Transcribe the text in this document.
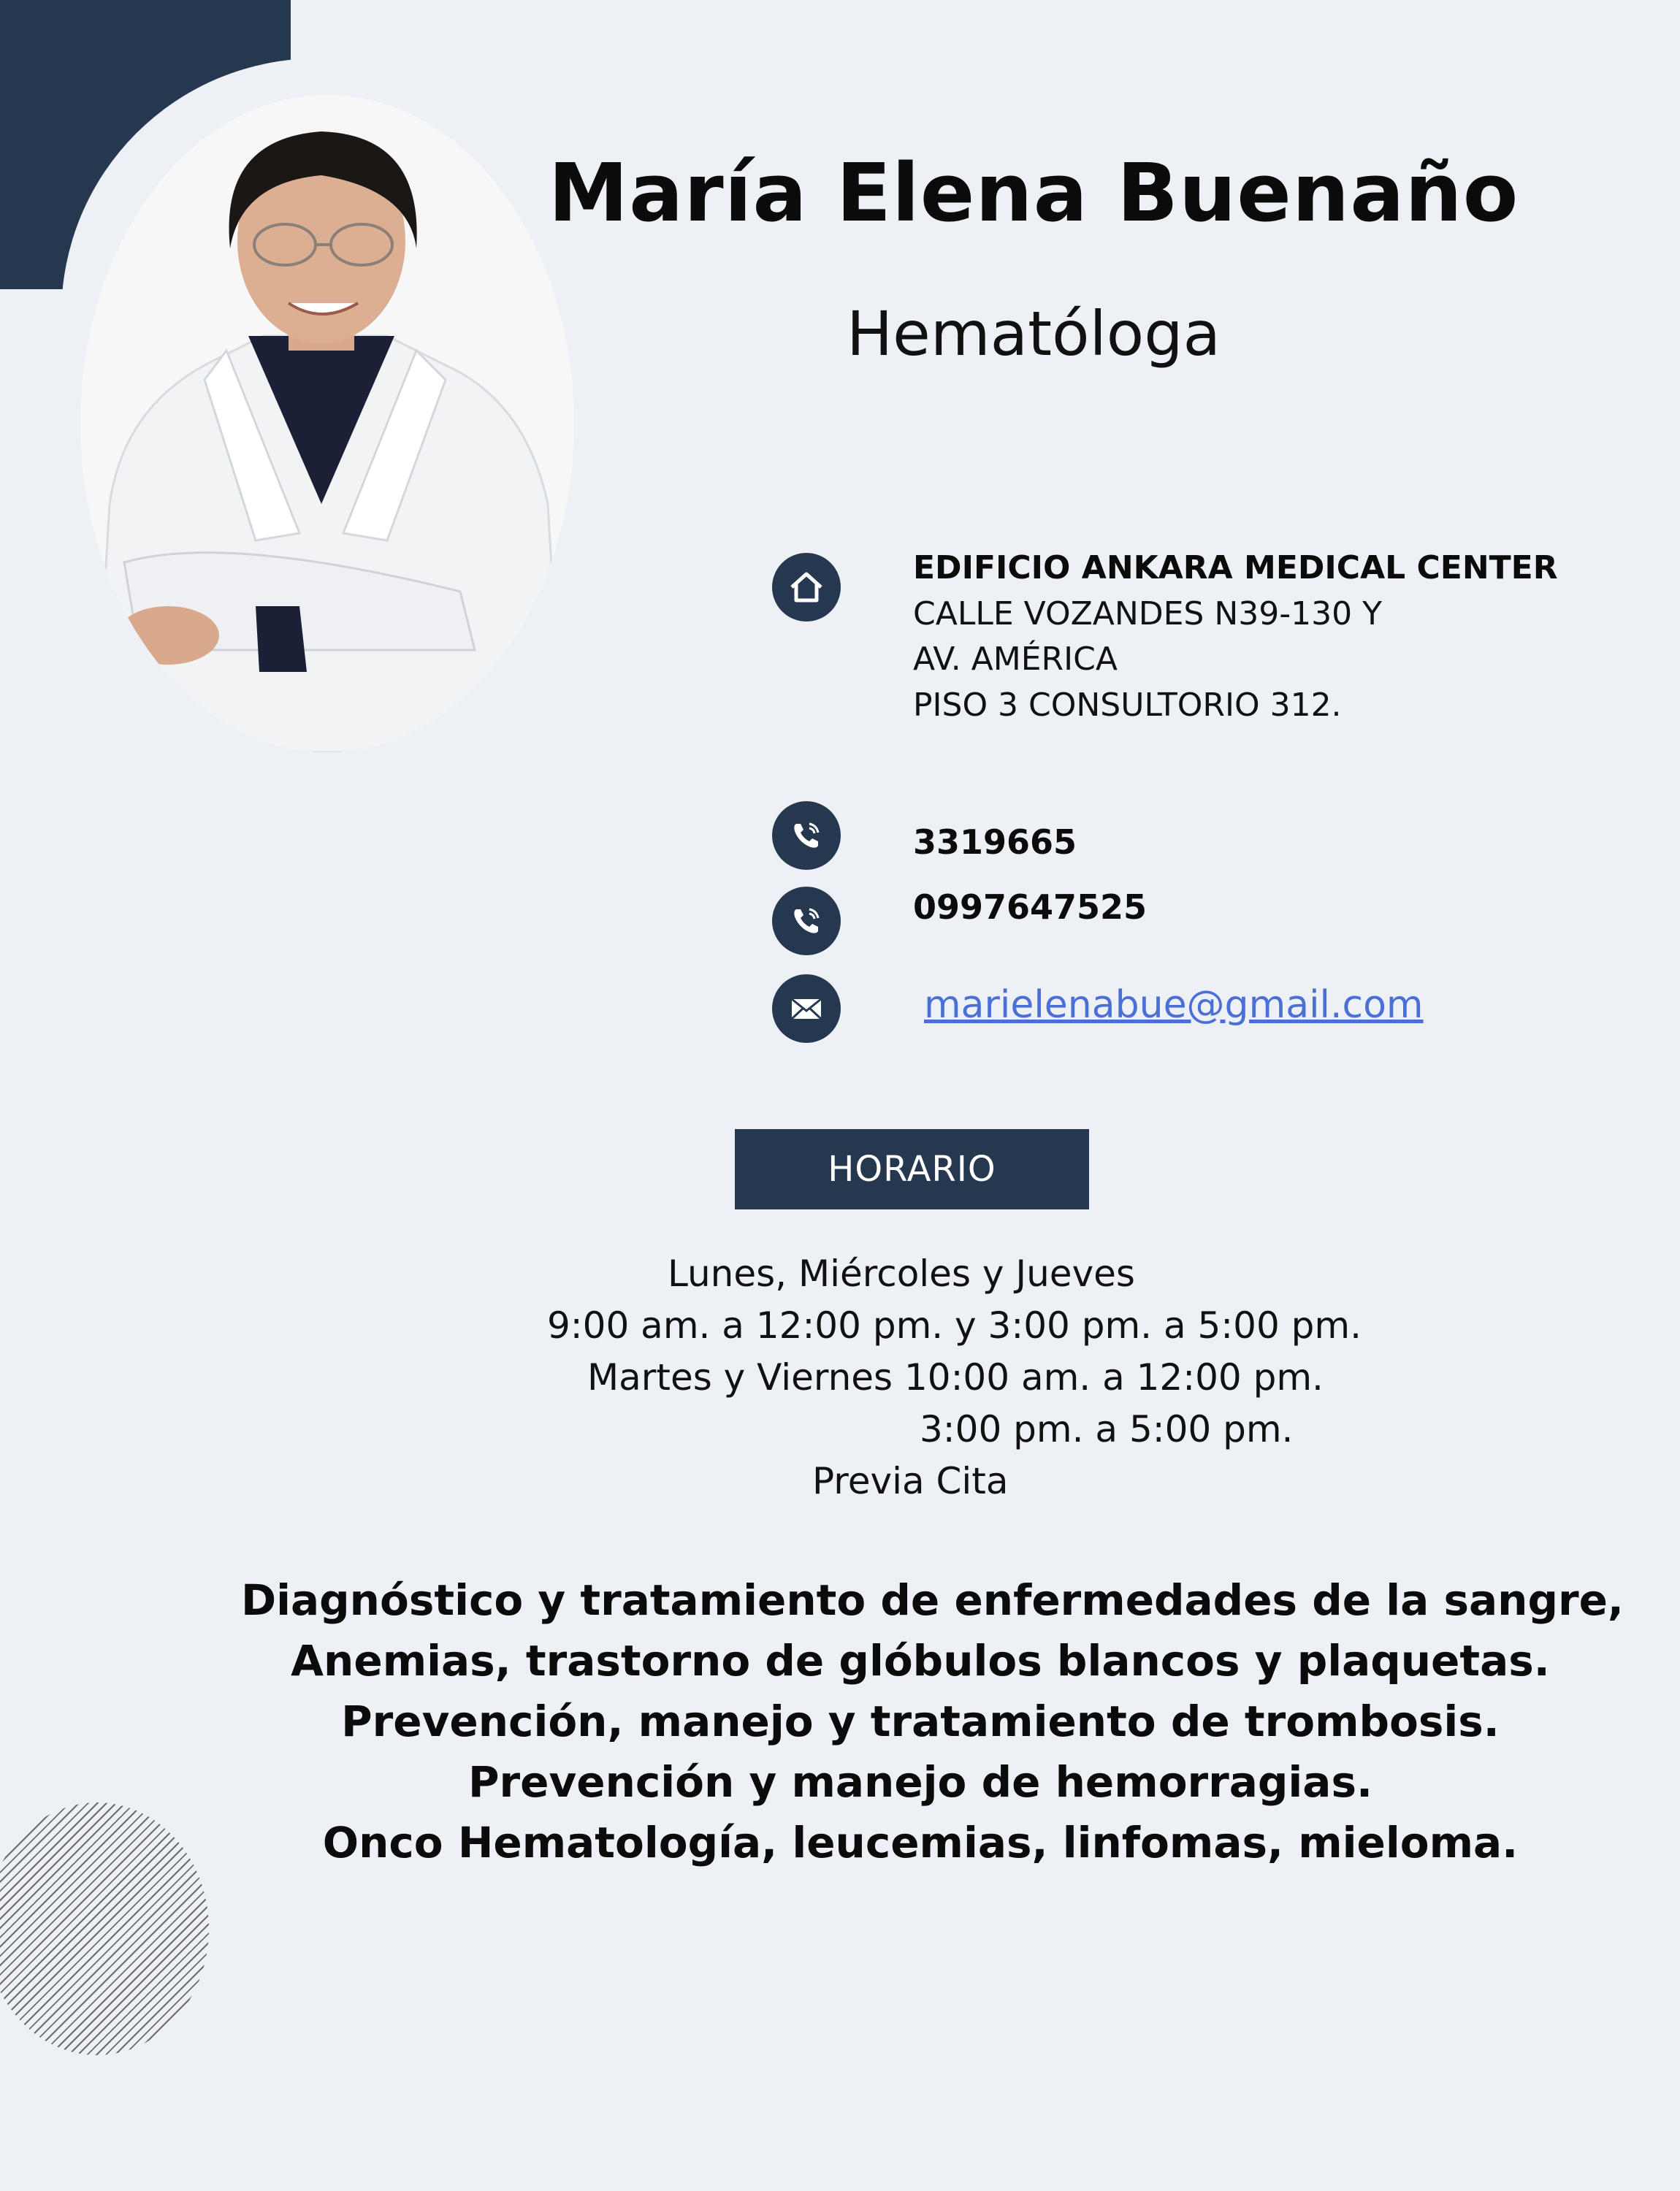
María Elena Buenaño
Hematóloga
EDIFICIO ANKARA MEDICAL CENTER
CALLE VOZANDES N39-130 Y
AV. AMÉRICA
PISO 3 CONSULTORIO 312.
3319665
0997647525
marielenabue@gmail.com
HORARIO
Lunes, Miércoles y Jueves
9:00 am. a 12:00 pm. y 3:00 pm. a 5:00 pm.
Martes y Viernes 10:00 am. a 12:00 pm.
3:00 pm. a 5:00 pm.
Previa Cita
Diagnóstico y tratamiento de enfermedades de la sangre,
Anemias, trastorno de glóbulos blancos y plaquetas.
Prevención, manejo y tratamiento de trombosis.
Prevención y manejo de hemorragias.
Onco Hematología, leucemias, linfomas, mieloma.
